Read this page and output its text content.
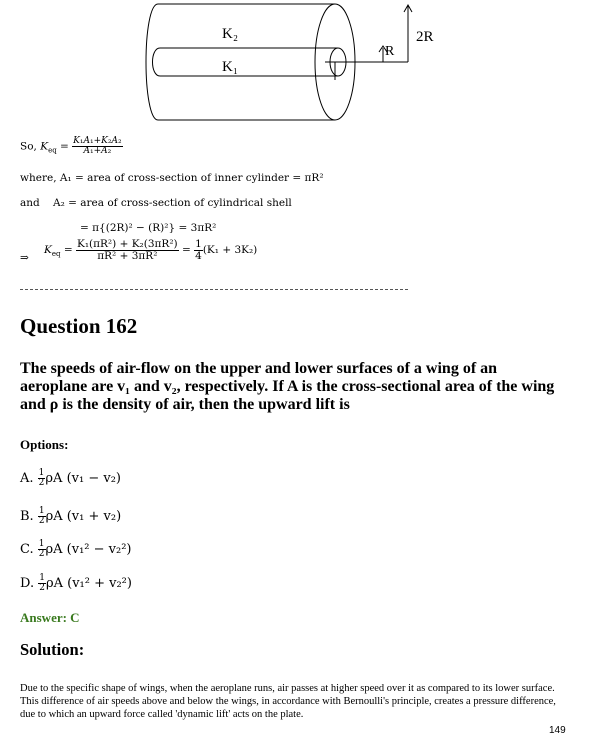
K₂
K₁
R
2R
So, $K_{eq} = \frac{\text{K₁A₁+K₂A₂}}{\text{A₁+A₂}}$
where, A₁ = area of cross-section of inner cylinder = πR²
and A₂ = area of cross-section of cylindrical shell
= π{(2R)² − (R)²} = 3πR²
⇒
$K_{eq} = \frac{\text{K₁(πR²) + K₂(3πR²)}}{\text{πR² + 3πR²}} = \frac{1}{4} (K_1 + 3K_2)$
Question 162
The speeds of air-flow on the upper and lower surfaces of a wing of an aeroplane are v₁ and v₂, respectively. If A is the cross-sectional area of the wing and ρ is the density of air, then the upward lift is
Options:
A. $\frac{1}{2}$ ρA (v₁ − v₂)
B. $\frac{1}{2}$ ρA (v₁ + v₂)
C. $\frac{1}{2}$ ρA (v₁² − v₂²)
D. $\frac{1}{2}$ ρA (v₁² + v₂²)
Answer: C
Solution:
Due to the specific shape of wings, when the aeroplane runs, air passes at higher speed over it as compared to its lower surface. This difference of air speeds above and below the wings, in accordance with Bernoulli's principle, creates a pressure difference, due to which an upward force called 'dynamic lift' acts on the plate.
149
